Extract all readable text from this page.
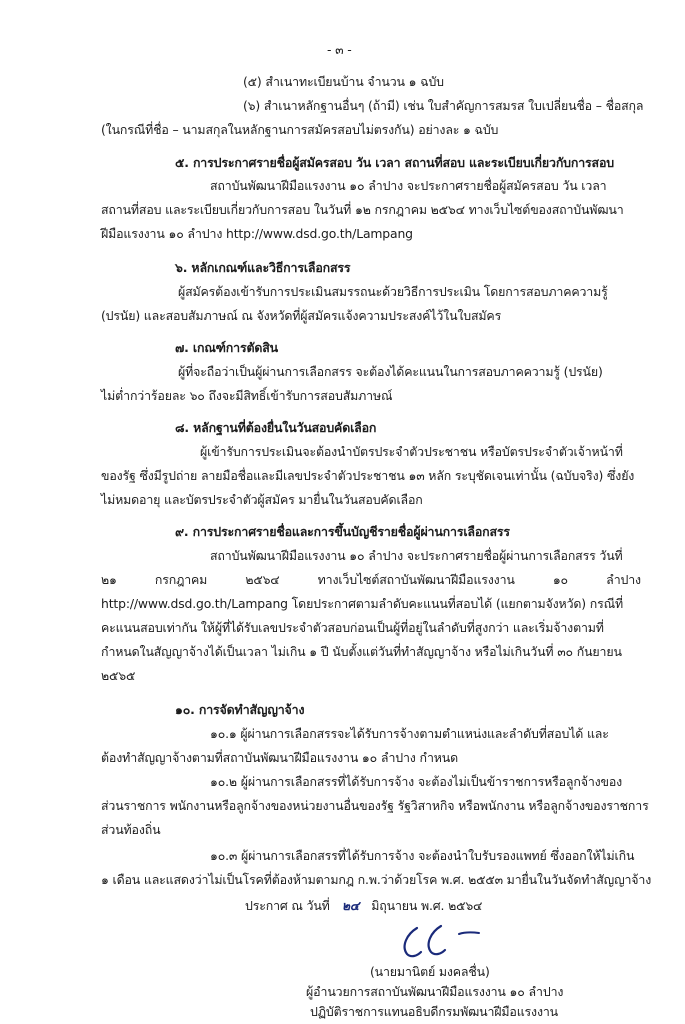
- ๓ -
(๕) สำเนาทะเบียนบ้าน จำนวน ๑ ฉบับ
(๖) สำเนาหลักฐานอื่นๆ (ถ้ามี) เช่น ใบสำคัญการสมรส ใบเปลี่ยนชื่อ – ชื่อสกุล
(ในกรณีที่ชื่อ – นามสกุลในหลักฐานการสมัครสอบไม่ตรงกัน) อย่างละ ๑ ฉบับ
๕. การประกาศรายชื่อผู้สมัครสอบ วัน เวลา สถานที่สอบ และระเบียบเกี่ยวกับการสอบ
สถาบันพัฒนาฝีมือแรงงาน ๑๐ ลำปาง จะประกาศรายชื่อผู้สมัครสอบ วัน เวลา
สถานที่สอบ และระเบียบเกี่ยวกับการสอบ ในวันที่ ๑๒ กรกฎาคม ๒๕๖๔ ทางเว็บไซต์ของสถาบันพัฒนา
ฝีมือแรงงาน ๑๐ ลำปาง http://www.dsd.go.th/Lampang
๖. หลักเกณฑ์และวิธีการเลือกสรร
ผู้สมัครต้องเข้ารับการประเมินสมรรถนะด้วยวิธีการประเมิน โดยการสอบภาคความรู้
(ปรนัย) และสอบสัมภาษณ์ ณ จังหวัดที่ผู้สมัครแจ้งความประสงค์ไว้ในใบสมัคร
๗. เกณฑ์การตัดสิน
ผู้ที่จะถือว่าเป็นผู้ผ่านการเลือกสรร จะต้องได้คะแนนในการสอบภาคความรู้ (ปรนัย)
ไม่ต่ำกว่าร้อยละ ๖๐ ถึงจะมีสิทธิ์เข้ารับการสอบสัมภาษณ์
๘. หลักฐานที่ต้องยื่นในวันสอบคัดเลือก
ผู้เข้ารับการประเมินจะต้องนำบัตรประจำตัวประชาชน หรือบัตรประจำตัวเจ้าหน้าที่
ของรัฐ ซึ่งมีรูปถ่าย ลายมือชื่อและมีเลขประจำตัวประชาชน ๑๓ หลัก ระบุชัดเจนเท่านั้น (ฉบับจริง) ซึ่งยัง
ไม่หมดอายุ และบัตรประจำตัวผู้สมัคร มายื่นในวันสอบคัดเลือก
๙. การประกาศรายชื่อและการขึ้นบัญชีรายชื่อผู้ผ่านการเลือกสรร
สถาบันพัฒนาฝีมือแรงงาน ๑๐ ลำปาง จะประกาศรายชื่อผู้ผ่านการเลือกสรร วันที่
๒๑	กรกฎาคม	๒๕๖๔	ทางเว็บไซต์สถาบันพัฒนาฝีมือแรงงาน	๑๐	ลำปาง
http://www.dsd.go.th/Lampang โดยประกาศตามลำดับคะแนนที่สอบได้ (แยกตามจังหวัด) กรณีที่
คะแนนสอบเท่ากัน ให้ผู้ที่ได้รับเลขประจำตัวสอบก่อนเป็นผู้ที่อยู่ในลำดับที่สูงกว่า และเริ่มจ้างตามที่
กำหนดในสัญญาจ้างได้เป็นเวลา ไม่เกิน ๑ ปี นับตั้งแต่วันที่ทำสัญญาจ้าง หรือไม่เกินวันที่ ๓๐ กันยายน
๒๕๖๕
๑๐. การจัดทำสัญญาจ้าง
๑๐.๑ ผู้ผ่านการเลือกสรรจะได้รับการจ้างตามตำแหน่งและลำดับที่สอบได้ และ
ต้องทำสัญญาจ้างตามที่สถาบันพัฒนาฝีมือแรงงาน ๑๐ ลำปาง กำหนด
๑๐.๒ ผู้ผ่านการเลือกสรรที่ได้รับการจ้าง จะต้องไม่เป็นข้าราชการหรือลูกจ้างของ
ส่วนราชการ พนักงานหรือลูกจ้างของหน่วยงานอื่นของรัฐ รัฐวิสาหกิจ หรือพนักงาน หรือลูกจ้างของราชการ
ส่วนท้องถิ่น
๑๐.๓ ผู้ผ่านการเลือกสรรที่ได้รับการจ้าง จะต้องนำใบรับรองแพทย์ ซึ่งออกให้ไม่เกิน
๑ เดือน และแสดงว่าไม่เป็นโรคที่ต้องห้ามตามกฎ ก.พ.ว่าด้วยโรค พ.ศ. ๒๕๕๓ มายื่นในวันจัดทำสัญญาจ้าง
ประกาศ ณ วันที่ ๒๔ มิถุนายน พ.ศ. ๒๕๖๔
(นายมานิตย์ มงคลชื่น)
ผู้อำนวยการสถาบันพัฒนาฝีมือแรงงาน ๑๐ ลำปาง
ปฏิบัติราชการแทนอธิบดีกรมพัฒนาฝีมือแรงงาน
